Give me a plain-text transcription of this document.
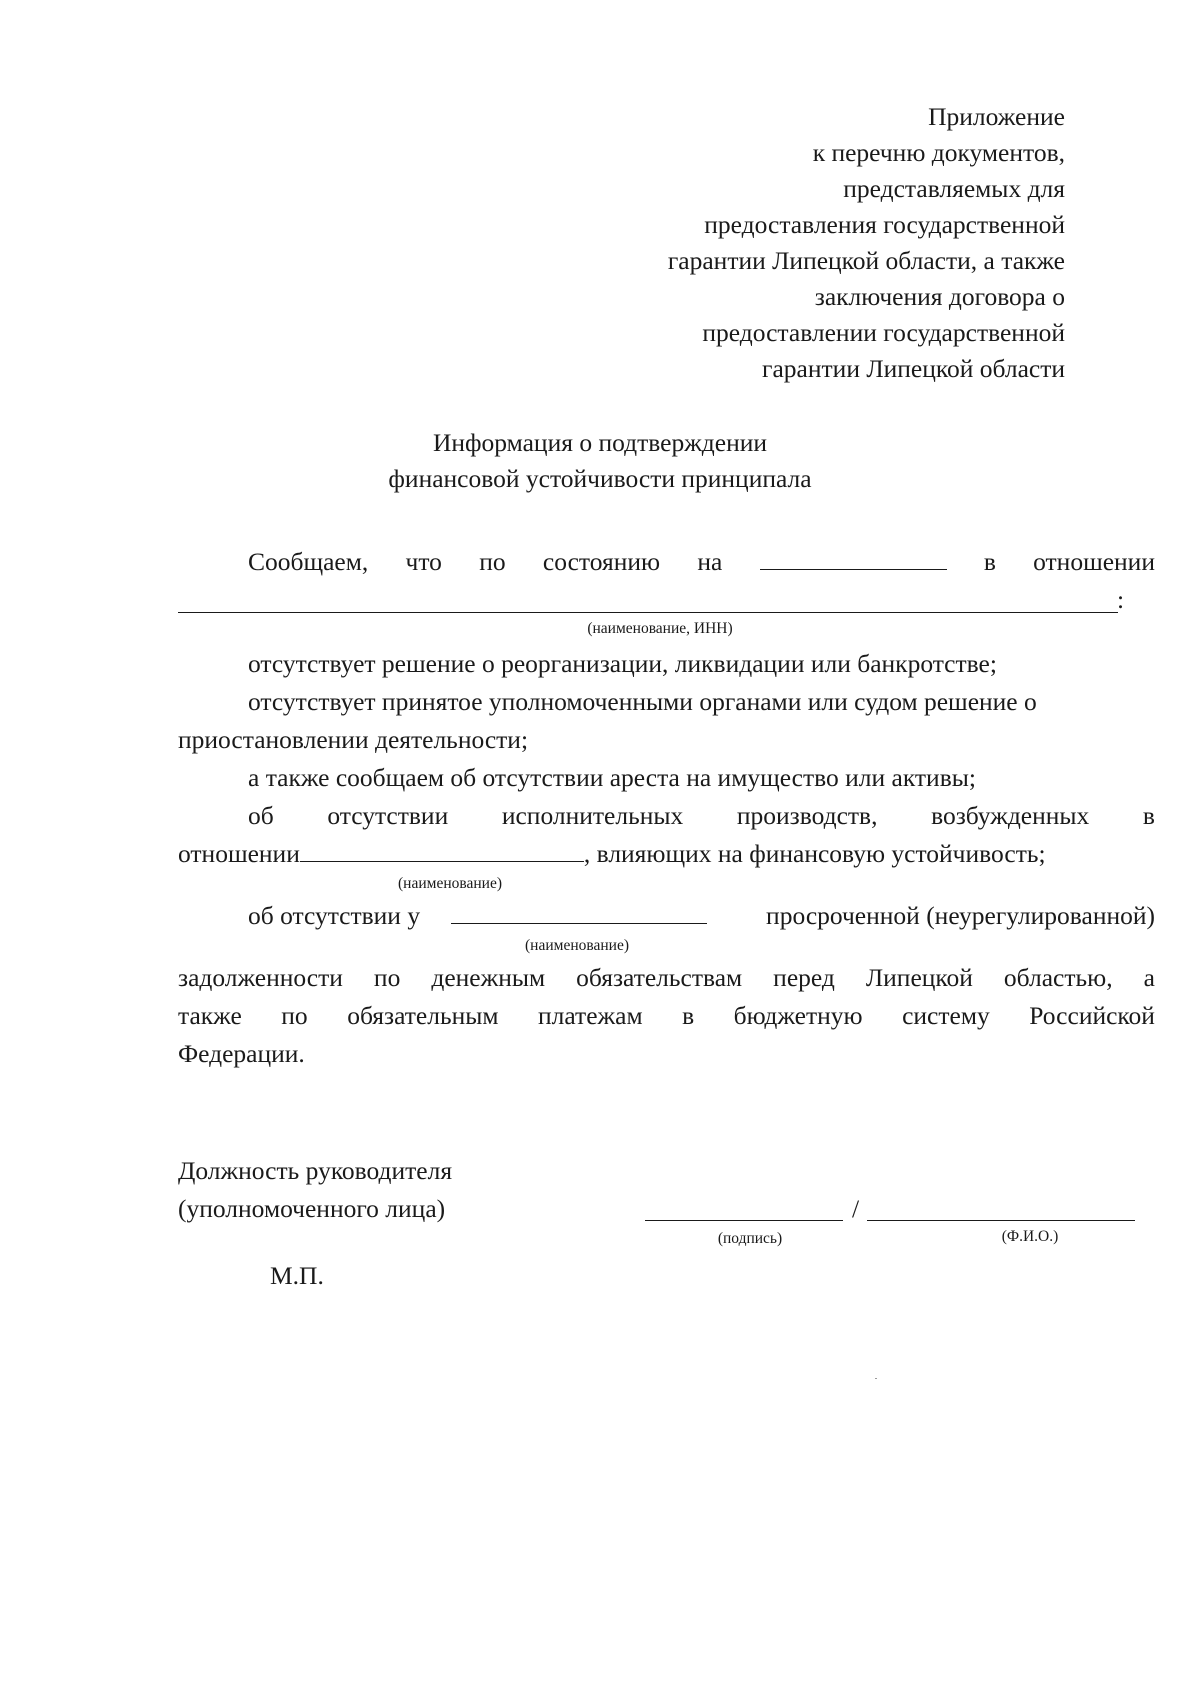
Приложение
к перечню документов,
представляемых для
предоставления государственной
гарантии Липецкой области, а также
заключения договора о
предоставлении государственной
гарантии Липецкой области
Информация о подтверждении
финансовой устойчивости принципала
Сообщаем, что по состоянию на	в отношении
:
(наименование, ИНН)
отсутствует решение о реорганизации, ликвидации или банкротстве;
отсутствует принятое уполномоченными органами или судом решение о
приостановлении деятельности;
а также сообщаем об отсутствии ареста на имущество или активы;
об отсутствии исполнительных производств, возбужденных в
отношении	, влияющих на финансовую устойчивость;
(наименование)
об отсутствии у	просроченной (неурегулированной)
(наименование)
задолженности по денежным обязательствам перед Липецкой областью, а
также по обязательным платежам в бюджетную систему Российской
Федерации.
Должность руководителя
(уполномоченного лица)	/
(подпись)	(Ф.И.О.)
М.П.
